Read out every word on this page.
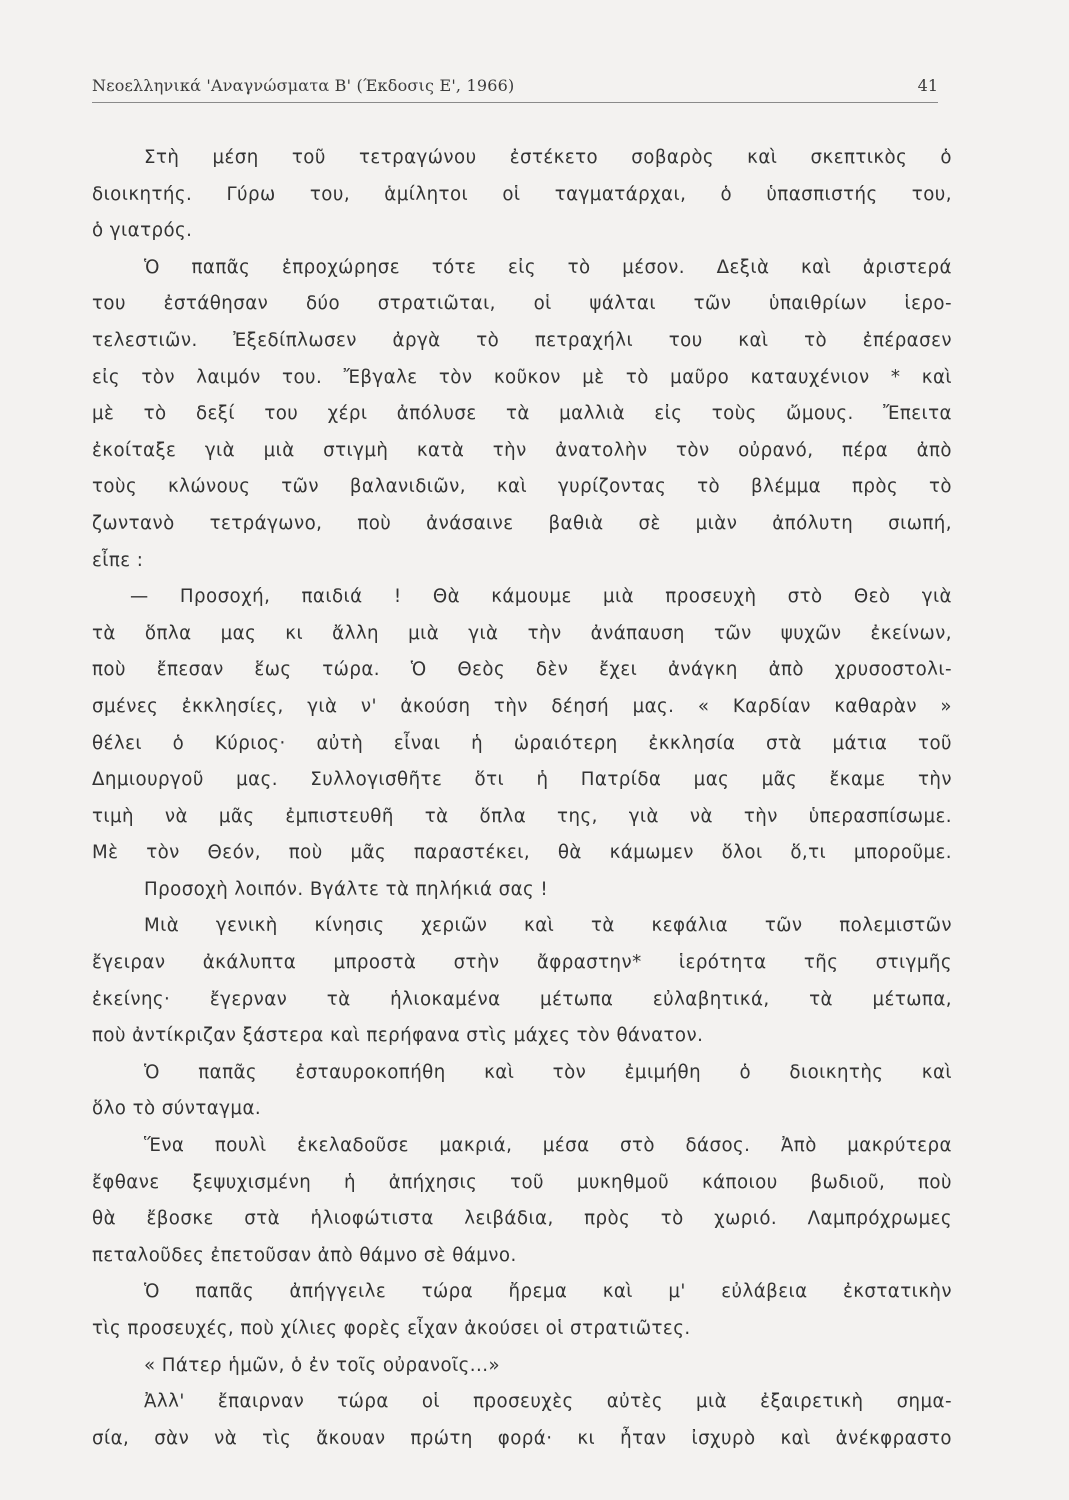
Νεοελληνικά 'Αναγνώσματα Β' (Έκδοσις Ε', 1966)	41
Στὴ μέση τοῦ τετραγώνου ἐστέκετο σοβαρὸς καὶ σκεπτικὸς ὁ
διοικητής. Γύρω του, ἁμίλητοι οἱ ταγματάρχαι, ὁ ὑπασπιστής του,
ὁ γιατρός.
Ὁ παπᾶς ἐπροχώρησε τότε εἰς τὸ μέσον. Δεξιὰ καὶ ἀριστερά
του ἐστάθησαν δύο στρατιῶται, οἱ ψάλται τῶν ὑπαιθρίων ἱερο-
τελεστιῶν. Ἐξεδίπλωσεν ἀργὰ τὸ πετραχήλι του καὶ τὸ ἐπέρασεν
εἰς τὸν λαιμόν του. Ἔβγαλε τὸν κοῦκον μὲ τὸ μαῦρο καταυχένιον * καὶ
μὲ τὸ δεξί του χέρι ἀπόλυσε τὰ μαλλιὰ εἰς τοὺς ὤμους. Ἔπειτα
ἐκοίταξε γιὰ μιὰ στιγμὴ κατὰ τὴν ἀνατολὴν τὸν οὐρανό, πέρα ἀπὸ
τοὺς κλώνους τῶν βαλανιδιῶν, καὶ γυρίζοντας τὸ βλέμμα πρὸς τὸ
ζωντανὸ τετράγωνο, ποὺ ἀνάσαινε βαθιὰ σὲ μιὰν ἀπόλυτη σιωπή,
εἶπε :
— Προσοχή, παιδιά ! Θὰ κάμουμε μιὰ προσευχὴ στὸ Θεὸ γιὰ
τὰ ὅπλα μας κι ἄλλη μιὰ γιὰ τὴν ἀνάπαυση τῶν ψυχῶν ἐκείνων,
ποὺ ἔπεσαν ἕως τώρα. Ὁ Θεὸς δὲν ἔχει ἀνάγκη ἀπὸ χρυσοστολι-
σμένες ἐκκλησίες, γιὰ ν' ἀκούση τὴν δέησή μας. « Καρδίαν καθαρὰν »
θέλει ὁ Κύριος· αὐτὴ εἶναι ἡ ὡραιότερη ἐκκλησία στὰ μάτια τοῦ
Δημιουργοῦ μας. Συλλογισθῆτε ὅτι ἡ Πατρίδα μας μᾶς ἔκαμε τὴν
τιμὴ νὰ μᾶς ἐμπιστευθῆ τὰ ὅπλα της, γιὰ νὰ τὴν ὑπερασπίσωμε.
Μὲ τὸν Θεόν, ποὺ μᾶς παραστέκει, θὰ κάμωμεν ὅλοι ὅ,τι μποροῦμε.
Προσοχὴ λοιπόν. Βγάλτε τὰ πηλήκιά σας !
Μιὰ γενικὴ κίνησις χεριῶν καὶ τὰ κεφάλια τῶν πολεμιστῶν
ἔγειραν ἀκάλυπτα μπροστὰ στὴν ἄφραστην* ἱερότητα τῆς στιγμῆς
ἐκείνης· ἔγερναν τὰ ἡλιοκαμένα μέτωπα εὐλαβητικά, τὰ μέτωπα,
ποὺ ἀντίκριζαν ξάστερα καὶ περήφανα στὶς μάχες τὸν θάνατον.
Ὁ παπᾶς ἐσταυροκοπήθη καὶ τὸν ἐμιμήθη ὁ διοικητὴς καὶ
ὅλο τὸ σύνταγμα.
Ἕνα πουλὶ ἐκελαδοῦσε μακριά, μέσα στὸ δάσος. Ἀπὸ μακρύτερα
ἔφθανε ξεψυχισμένη ἡ ἀπήχησις τοῦ μυκηθμοῦ κάποιου βωδιοῦ, ποὺ
θὰ ἔβοσκε στὰ ἡλιοφώτιστα λειβάδια, πρὸς τὸ χωριό. Λαμπρόχρωμες
πεταλοῦδες ἐπετοῦσαν ἀπὸ θάμνο σὲ θάμνο.
Ὁ παπᾶς ἀπήγγειλε τώρα ἤρεμα καὶ μ' εὐλάβεια ἐκστατικὴν
τὶς προσευχές, ποὺ χίλιες φορὲς εἶχαν ἀκούσει οἱ στρατιῶτες.
« Πάτερ ἡμῶν, ὁ ἐν τοῖς οὐρανοῖς...»
Ἀλλ' ἔπαιρναν τώρα οἱ προσευχὲς αὐτὲς μιὰ ἐξαιρετικὴ σημα-
σία, σὰν νὰ τὶς ἄκουαν πρώτη φορά· κι ἦταν ἰσχυρὸ καὶ ἀνέκφραστο
